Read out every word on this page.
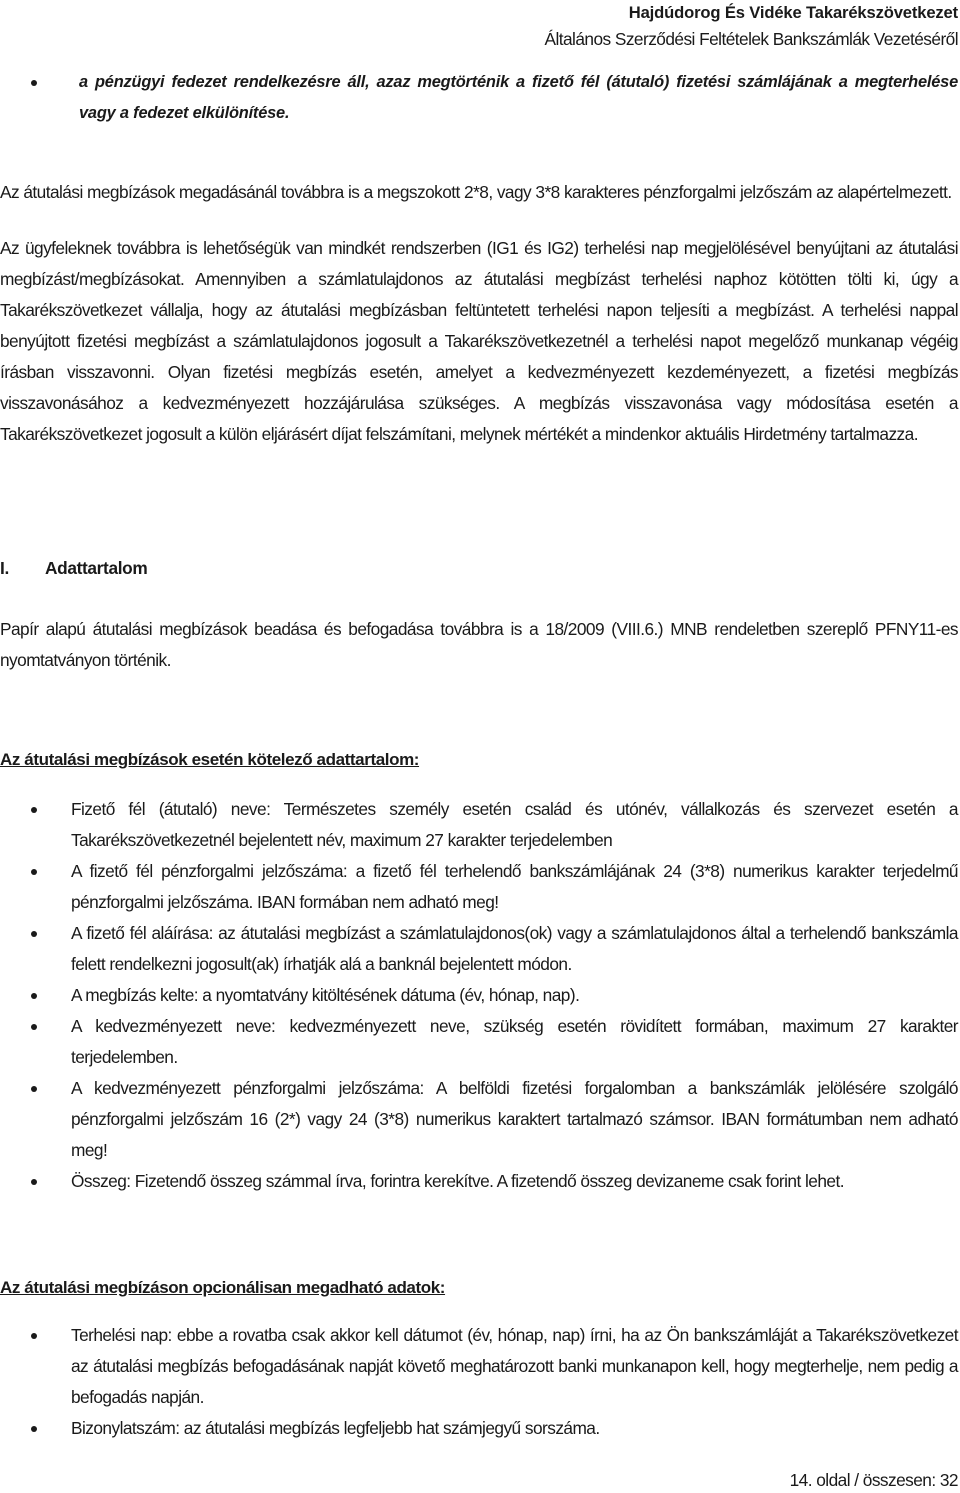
Hajdúdorog És Vidéke Takarékszövetkezet
Általános Szerződési Feltételek Bankszámlák Vezetéséről

a pénzügyi fedezet rendelkezésre áll, azaz megtörténik a fizető fél (átutaló) fizetési számlájának a megterhelése vagy a fedezet elkülönítése.

Az átutalási megbízások megadásánál továbbra is a megszokott 2*8, vagy 3*8 karakteres pénzforgalmi jelzőszám az alapértelmezett.

Az ügyfeleknek továbbra is lehetőségük van mindkét rendszerben (IG1 és IG2) terhelési nap megjelölésével benyújtani az átutalási megbízást/megbízásokat. Amennyiben a számlatulajdonos az átutalási megbízást terhelési naphoz kötötten tölti ki, úgy a Takarékszövetkezet vállalja, hogy az átutalási megbízásban feltüntetett terhelési napon teljesíti a megbízást. A terhelési nappal benyújtott fizetési megbízást a számlatulajdonos jogosult a Takarékszövetkezetnél a terhelési napot megelőző munkanap végéig írásban visszavonni. Olyan fizetési megbízás esetén, amelyet a kedvezményezett kezdeményezett, a fizetési megbízás visszavonásához a kedvezményezett hozzájárulása szükséges. A megbízás visszavonása vagy módosítása esetén a Takarékszövetkezet jogosult a külön eljárásért díjat felszámítani, melynek mértékét a mindenkor aktuális Hirdetmény tartalmazza.

I. Adattartalom

Papír alapú átutalási megbízások beadása és befogadása továbbra is a 18/2009 (VIII.6.) MNB rendeletben szereplő PFNY11-es nyomtatványon történik.

Az átutalási megbízások esetén kötelező adattartalom:

Fizető fél (átutaló) neve: Természetes személy esetén család és utónév, vállalkozás és szervezet esetén a Takarékszövetkezetnél bejelentett név, maximum 27 karakter terjedelemben

A fizető fél pénzforgalmi jelzőszáma: a fizető fél terhelendő bankszámlájának 24 (3*8) numerikus karakter terjedelmű pénzforgalmi jelzőszáma. IBAN formában nem adható meg!

A fizető fél aláírása: az átutalási megbízást a számlatulajdonos(ok) vagy a számlatulajdonos által a terhelendő bankszámla felett rendelkezni jogosult(ak) írhatják alá a banknál bejelentett módon.

A megbízás kelte: a nyomtatvány kitöltésének dátuma (év, hónap, nap).

A kedvezményezett neve: kedvezményezett neve, szükség esetén rövidített formában, maximum 27 karakter terjedelemben.

A kedvezményezett pénzforgalmi jelzőszáma: A belföldi fizetési forgalomban a bankszámlák jelölésére szolgáló pénzforgalmi jelzőszám 16 (2*) vagy 24 (3*8) numerikus karaktert tartalmazó számsor. IBAN formátumban nem adható meg!

Összeg: Fizetendő összeg számmal írva, forintra kerekítve. A fizetendő összeg devizaneme csak forint lehet.

Az átutalási megbízáson opcionálisan megadható adatok:

Terhelési nap: ebbe a rovatba csak akkor kell dátumot (év, hónap, nap) írni, ha az Ön bankszámláját a Takarékszövetkezet az átutalási megbízás befogadásának napját követő meghatározott banki munkanapon kell, hogy megterhelje, nem pedig a befogadás napján.

Bizonylatszám: az átutalási megbízás legfeljebb hat számjegyű sorszáma.

14. oldal / összesen: 32
